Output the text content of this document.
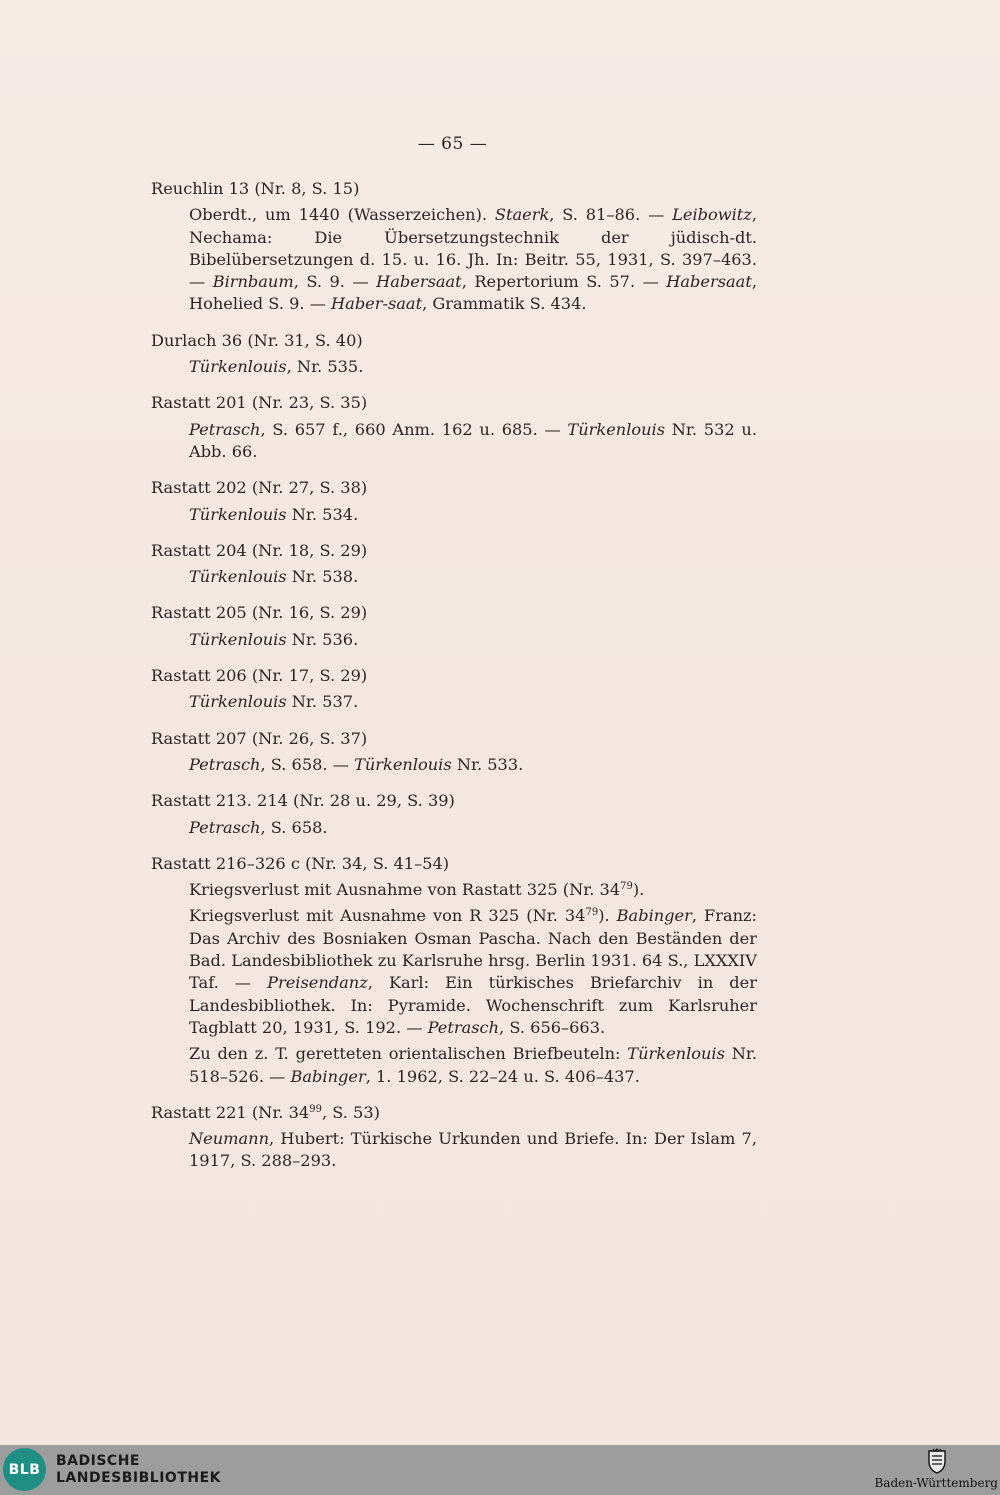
— 65 —
Reuchlin 13 (Nr. 8, S. 15)
Oberdt., um 1440 (Wasserzeichen). Staerk, S. 81–86. — Leibowitz, Nechama: Die Übersetzungstechnik der jüdisch-dt. Bibelübersetzungen d. 15. u. 16. Jh. In: Beitr. 55, 1931, S. 397–463. — Birnbaum, S. 9. — Habersaat, Repertorium S. 57. — Habersaat, Hohelied S. 9. — Haber-saat, Grammatik S. 434.
Durlach 36 (Nr. 31, S. 40)
Türkenlouis, Nr. 535.
Rastatt 201 (Nr. 23, S. 35)
Petrasch, S. 657 f., 660 Anm. 162 u. 685. — Türkenlouis Nr. 532 u. Abb. 66.
Rastatt 202 (Nr. 27, S. 38)
Türkenlouis Nr. 534.
Rastatt 204 (Nr. 18, S. 29)
Türkenlouis Nr. 538.
Rastatt 205 (Nr. 16, S. 29)
Türkenlouis Nr. 536.
Rastatt 206 (Nr. 17, S. 29)
Türkenlouis Nr. 537.
Rastatt 207 (Nr. 26, S. 37)
Petrasch, S. 658. — Türkenlouis Nr. 533.
Rastatt 213. 214 (Nr. 28 u. 29, S. 39)
Petrasch, S. 658.
Rastatt 216–326 c (Nr. 34, S. 41–54)
Kriegsverlust mit Ausnahme von Rastatt 325 (Nr. $34^{79}$).
Kriegsverlust mit Ausnahme von R 325 (Nr. $34^{79}$). Babinger, Franz: Das Archiv des Bosniaken Osman Pascha. Nach den Beständen der Bad. Landesbibliothek zu Karlsruhe hrsg. Berlin 1931. 64 S., LXXXIV Taf. — Preisendanz, Karl: Ein türkisches Briefarchiv in der Landesbibliothek. In: Pyramide. Wochenschrift zum Karlsruher Tagblatt 20, 1931, S. 192. — Petrasch, S. 656–663.
Zu den z. T. geretteten orientalischen Briefbeuteln: Türkenlouis Nr. 518–526. — Babinger, 1. 1962, S. 22–24 u. S. 406–437.
Rastatt 221 (Nr. $34^{99}$, S. 53)
Neumann, Hubert: Türkische Urkunden und Briefe. In: Der Islam 7, 1917, S. 288–293.
BLB
BADISCHE
LANDESBIBLIOTHEK	Baden-Württemberg
